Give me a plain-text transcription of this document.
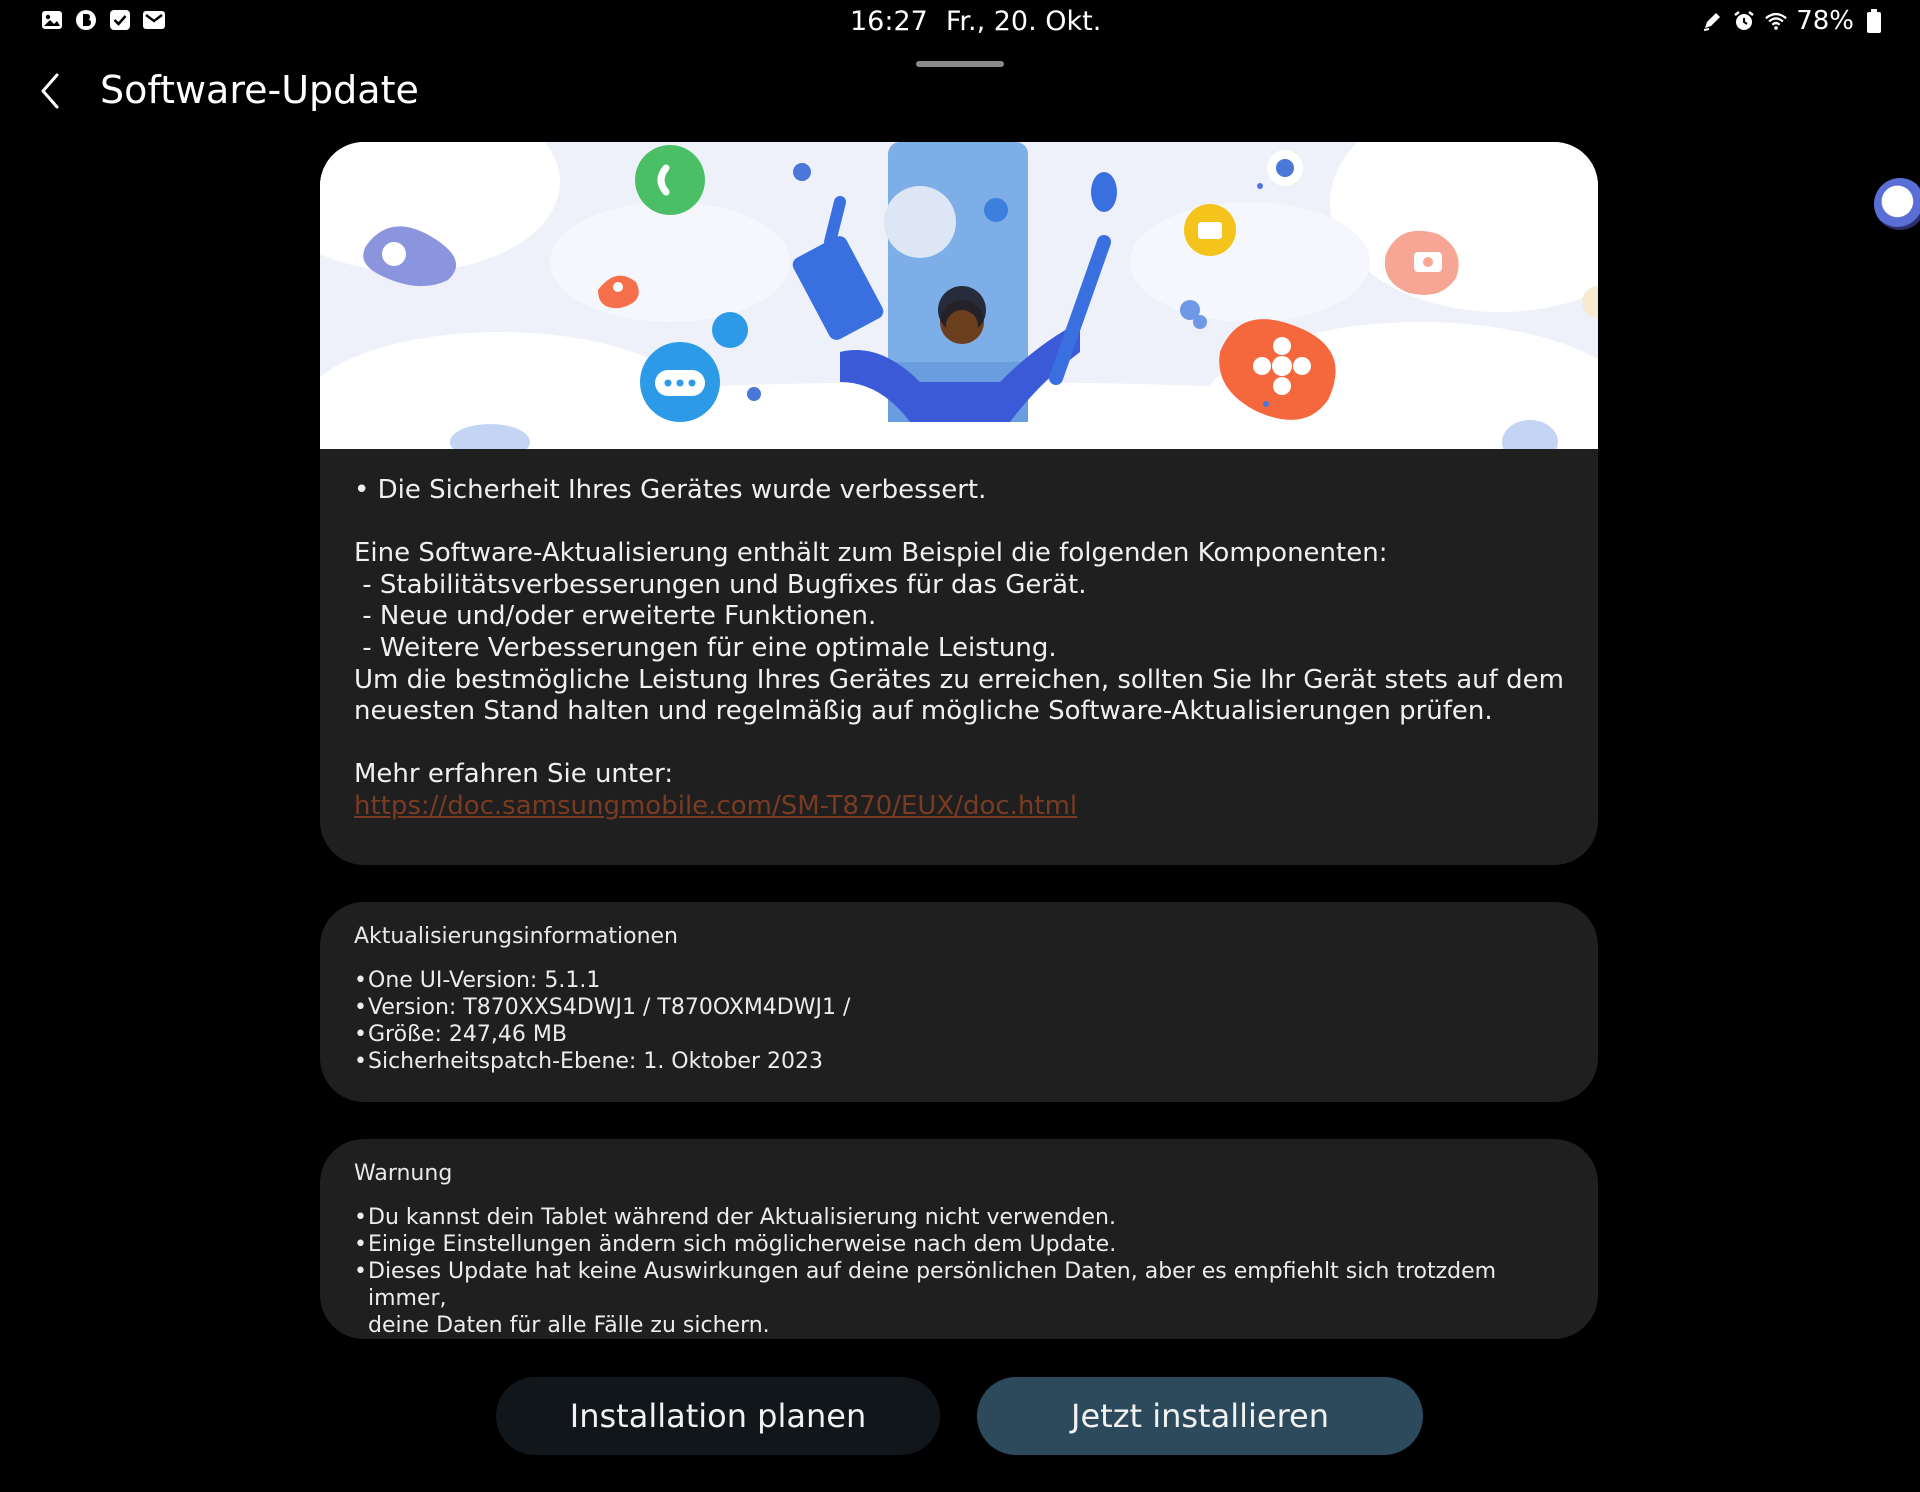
16:27 Fr., 20. Okt.	78%
Software-Update

• Die Sicherheit Ihres Gerätes wurde verbessert.

Eine Software-Aktualisierung enthält zum Beispiel die folgenden Komponenten:

- Stabilitätsverbesserungen und Bugfixes für das Gerät.

- Neue und/oder erweiterte Funktionen.

- Weitere Verbesserungen für eine optimale Leistung.

Um die bestmögliche Leistung Ihres Gerätes zu erreichen, sollten Sie Ihr Gerät stets auf dem

neuesten Stand halten und regelmäßig auf mögliche Software-Aktualisierungen prüfen.

Mehr erfahren Sie unter:

https://doc.samsungmobile.com/SM-T870/EUX/doc.html

Aktualisierungsinformationen
• One UI-Version: 5.1.1
• Version: T870XXS4DWJ1 / T870OXM4DWJ1 /
• Größe: 247,46 MB
• Sicherheitspatch-Ebene: 1. Oktober 2023
Warnung
• Du kannst dein Tablet während der Aktualisierung nicht verwenden.
• Einige Einstellungen ändern sich möglicherweise nach dem Update.
• Dieses Update hat keine Auswirkungen auf deine persönlichen Daten, aber es empfiehlt sich trotzdem immer,
deine Daten für alle Fälle zu sichern.
Installation planen	Jetzt installieren
